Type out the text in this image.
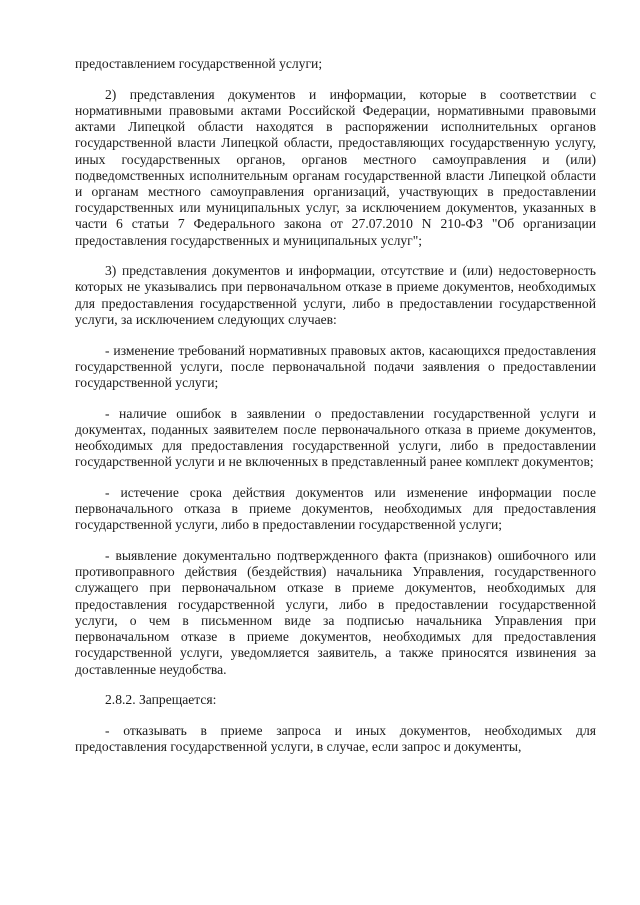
предоставлением государственной услуги;

2) представления документов и информации, которые в соответствии с нормативными правовыми актами Российской Федерации, нормативными правовыми актами Липецкой области находятся в распоряжении исполнительных органов государственной власти Липецкой области, предоставляющих государственную услугу, иных государственных органов, органов местного самоуправления и (или) подведомственных исполнительным органам государственной власти Липецкой области и органам местного самоуправления организаций, участвующих в предоставлении государственных или муниципальных услуг, за исключением документов, указанных в части 6 статьи 7 Федерального закона от 27.07.2010 N 210-ФЗ "Об организации предоставления государственных и муниципальных услуг";

3) представления документов и информации, отсутствие и (или) недостоверность которых не указывались при первоначальном отказе в приеме документов, необходимых для предоставления государственной услуги, либо в предоставлении государственной услуги, за исключением следующих случаев:

- изменение требований нормативных правовых актов, касающихся предоставления государственной услуги, после первоначальной подачи заявления о предоставлении государственной услуги;

- наличие ошибок в заявлении о предоставлении государственной услуги и документах, поданных заявителем после первоначального отказа в приеме документов, необходимых для предоставления государственной услуги, либо в предоставлении государственной услуги и не включенных в представленный ранее комплект документов;

- истечение срока действия документов или изменение информации после первоначального отказа в приеме документов, необходимых для предоставления государственной услуги, либо в предоставлении государственной услуги;

- выявление документально подтвержденного факта (признаков) ошибочного или противоправного действия (бездействия) начальника Управления, государственного служащего при первоначальном отказе в приеме документов, необходимых для предоставления государственной услуги, либо в предоставлении государственной услуги, о чем в письменном виде за подписью начальника Управления при первоначальном отказе в приеме документов, необходимых для предоставления государственной услуги, уведомляется заявитель, а также приносятся извинения за доставленные неудобства.

2.8.2. Запрещается:

- отказывать в приеме запроса и иных документов, необходимых для предоставления государственной услуги, в случае, если запрос и документы,
